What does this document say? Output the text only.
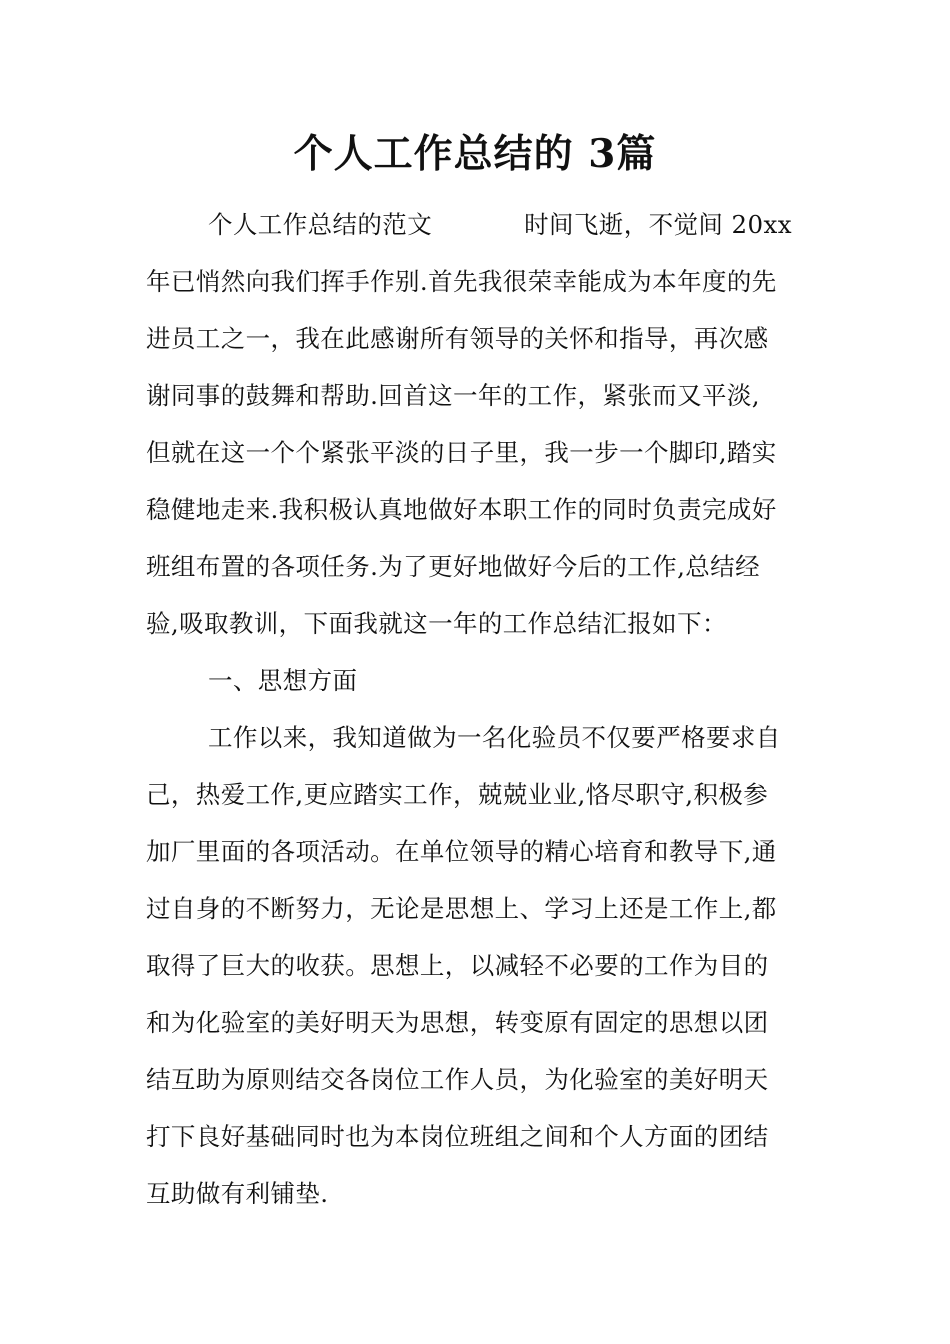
个人工作总结的 3篇
个人工作总结的范文	时间飞逝，不觉间 20xx
年已悄然向我们挥手作别.首先我很荣幸能成为本年度的先
进员工之一，我在此感谢所有领导的关怀和指导，再次感
谢同事的鼓舞和帮助.回首这一年的工作，紧张而又平淡,
但就在这一个个紧张平淡的日子里，我一步一个脚印,踏实
稳健地走来.我积极认真地做好本职工作的同时负责完成好
班组布置的各项任务.为了更好地做好今后的工作,总结经
验,吸取教训，下面我就这一年的工作总结汇报如下：
一、思想方面
工作以来，我知道做为一名化验员不仅要严格要求自
己，热爱工作,更应踏实工作，兢兢业业,恪尽职守,积极参
加厂里面的各项活动。在单位领导的精心培育和教导下,通
过自身的不断努力，无论是思想上、学习上还是工作上,都
取得了巨大的收获。思想上，以减轻不必要的工作为目的
和为化验室的美好明天为思想，转变原有固定的思想以团
结互助为原则结交各岗位工作人员，为化验室的美好明天
打下良好基础同时也为本岗位班组之间和个人方面的团结
互助做有利铺垫.
